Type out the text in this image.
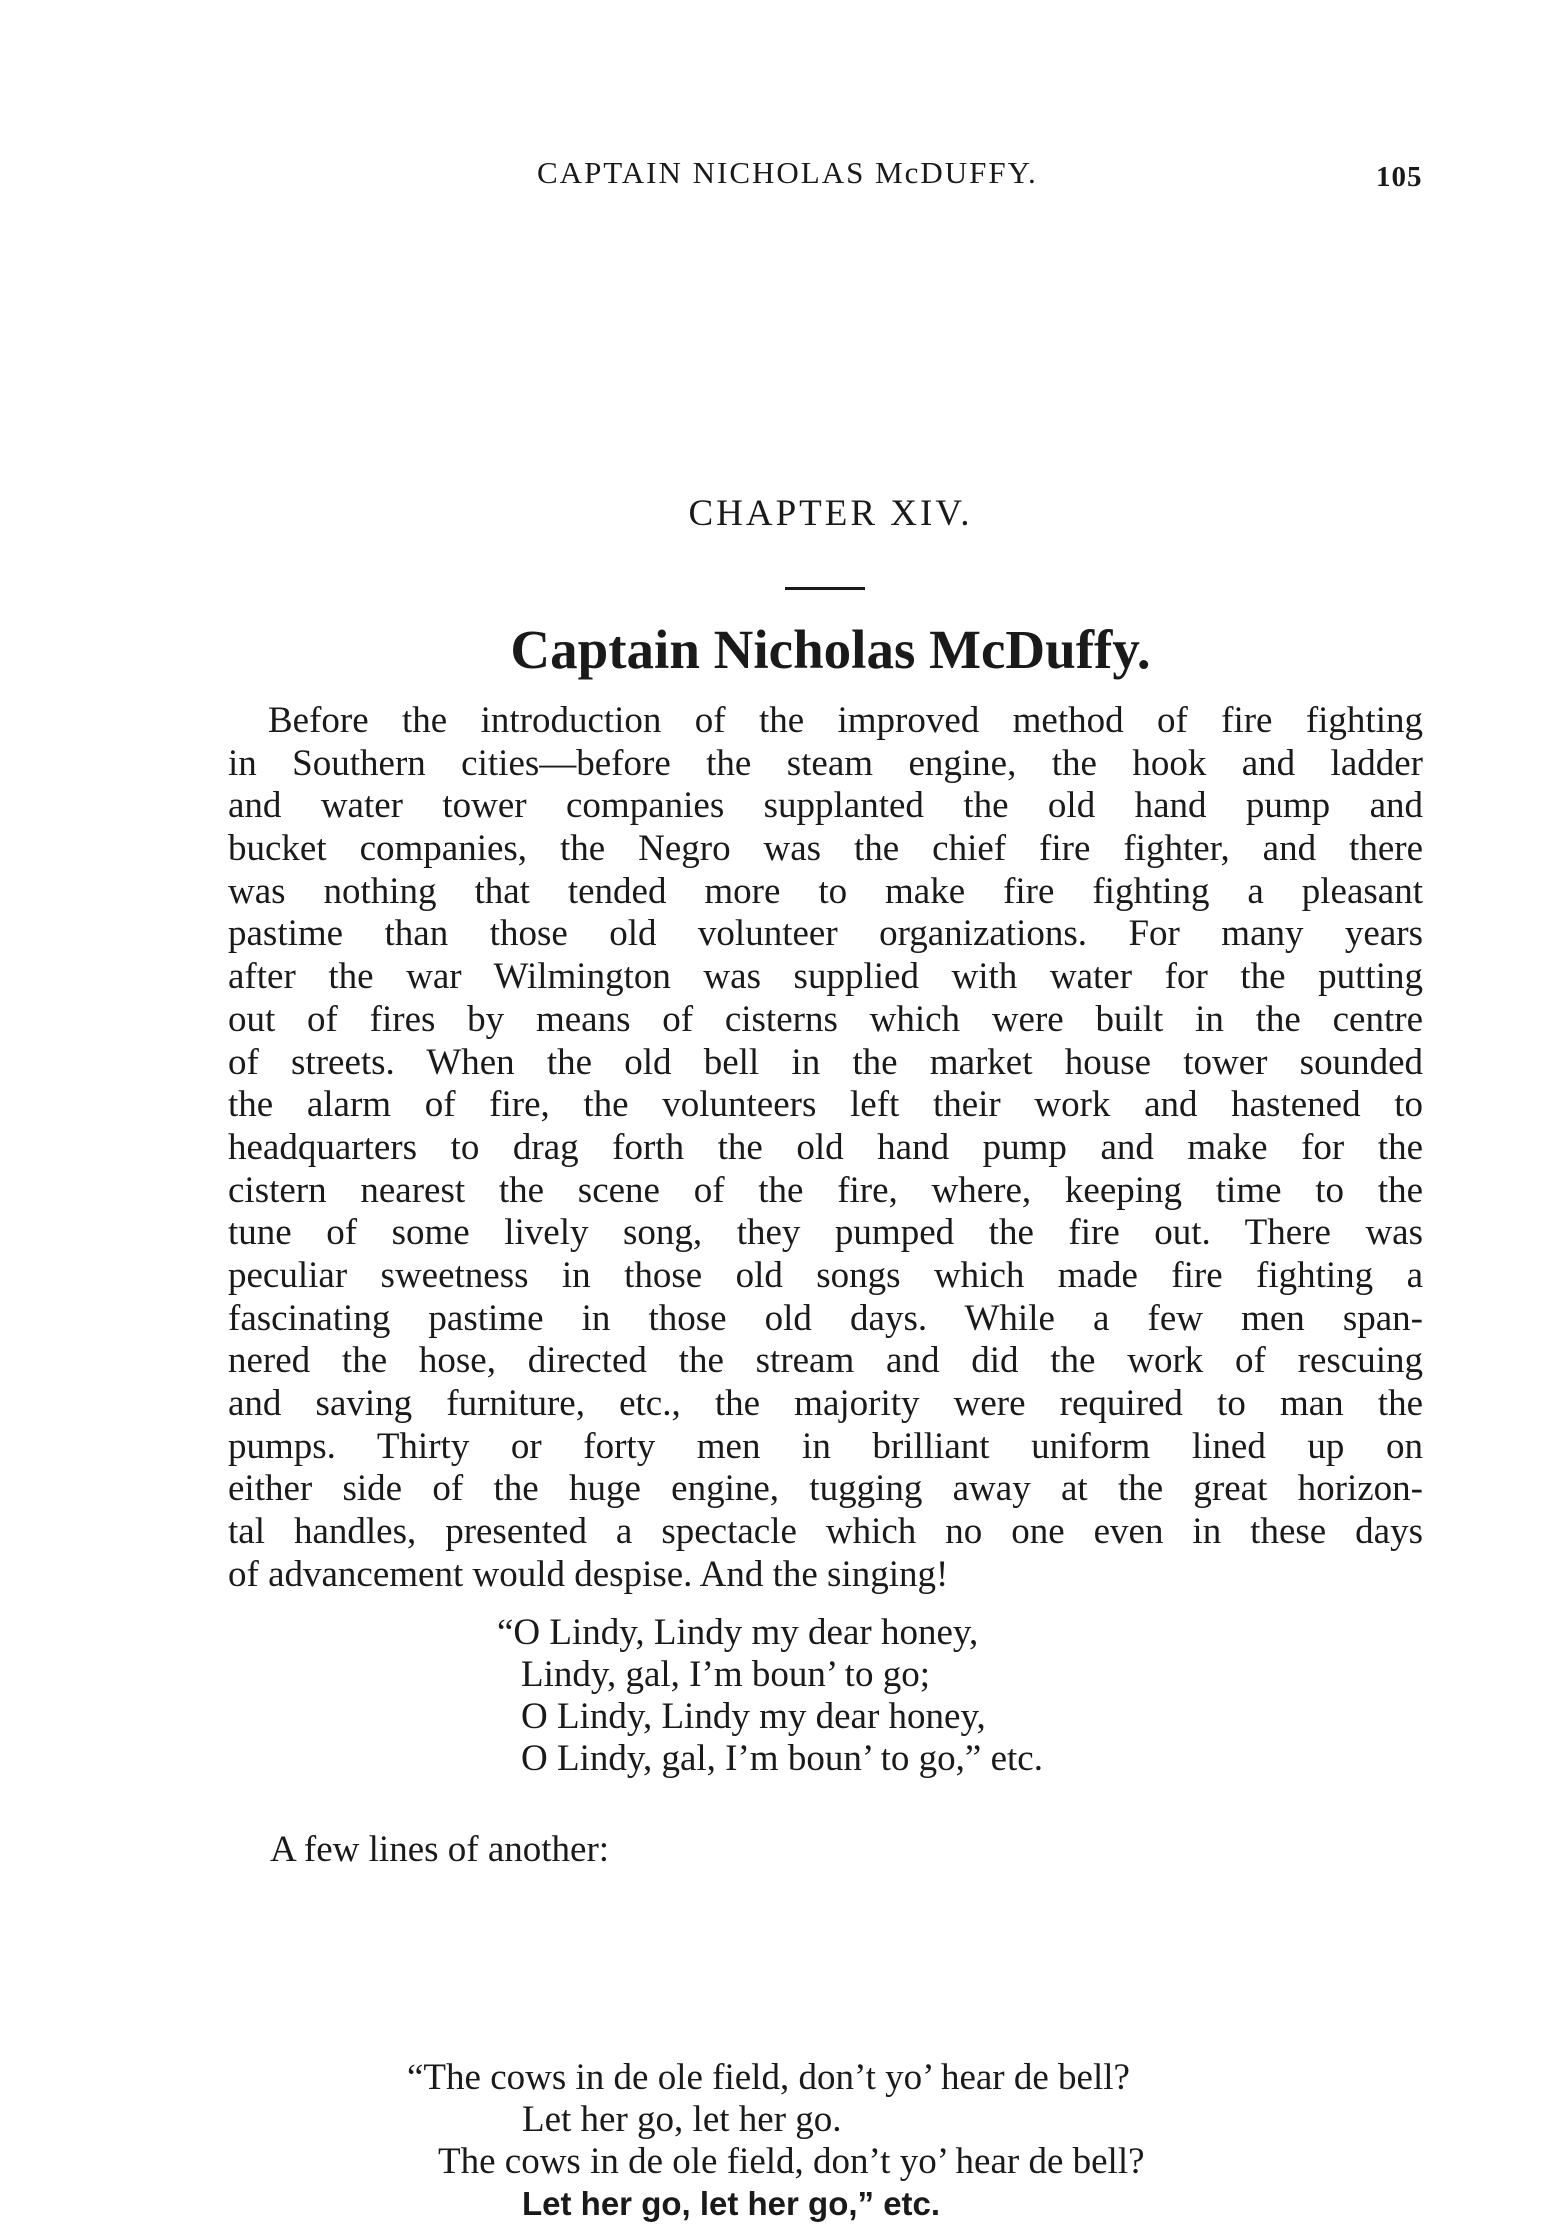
CAPTAIN NICHOLAS McDUFFY.	105
CHAPTER XIV.
Captain Nicholas McDuffy.
Before the introduction of the improved method of fire fighting
in Southern cities—before the steam engine, the hook and ladder
and water tower companies supplanted the old hand pump and
bucket companies, the Negro was the chief fire fighter, and there
was nothing that tended more to make fire fighting a pleasant
pastime than those old volunteer organizations. For many years
after the war Wilmington was supplied with water for the putting
out of fires by means of cisterns which were built in the centre
of streets. When the old bell in the market house tower sounded
the alarm of fire, the volunteers left their work and hastened to
headquarters to drag forth the old hand pump and make for the
cistern nearest the scene of the fire, where, keeping time to the
tune of some lively song, they pumped the fire out. There was
peculiar sweetness in those old songs which made fire fighting a
fascinating pastime in those old days. While a few men span-
nered the hose, directed the stream and did the work of rescuing
and saving furniture, etc., the majority were required to man the
pumps. Thirty or forty men in brilliant uniform lined up on
either side of the huge engine, tugging away at the great horizon-
tal handles, presented a spectacle which no one even in these days
of advancement would despise. And the singing!
“O Lindy, Lindy my dear honey,
“The cows in de ole field, don’t yo’ hear de bell?
Let her go, let her go.
The cows in de ole field, don’t yo’ hear de bell?
Let her go, let her go,” etc.
Lindy, gal, I’m boun’ to go;
O Lindy, Lindy my dear honey,
O Lindy, gal, I’m boun’ to go,” etc.
A few lines of another:
